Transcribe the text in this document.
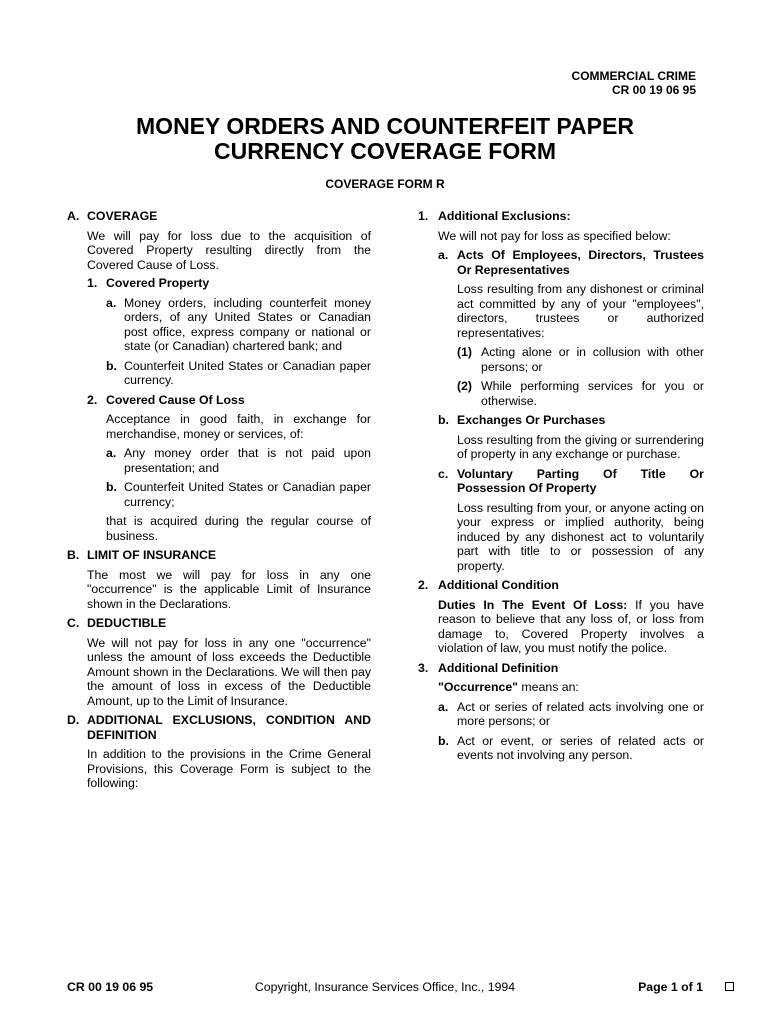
COMMERCIAL CRIME
CR 00 19 06 95
MONEY ORDERS AND COUNTERFEIT PAPER
CURRENCY COVERAGE FORM
COVERAGE FORM R
A. COVERAGE

We will pay for loss due to the acquisition of Covered Property resulting directly from the Covered Cause of Loss.

1. Covered Property
a. Money orders, including counterfeit money orders, of any United States or Canadian post office, express company or national or state (or Canadian) chartered bank; and
b. Counterfeit United States or Canadian paper currency.
2. Covered Cause Of Loss

Acceptance in good faith, in exchange for merchandise, money or services, of:

a. Any money order that is not paid upon presentation; and
b. Counterfeit United States or Canadian paper currency;

that is acquired during the regular course of business.

B. LIMIT OF INSURANCE

The most we will pay for loss in any one "occurrence" is the applicable Limit of Insurance shown in the Declarations.

C. DEDUCTIBLE

We will not pay for loss in any one "occurrence" unless the amount of loss exceeds the Deductible Amount shown in the Declarations. We will then pay the amount of loss in excess of the Deductible Amount, up to the Limit of Insurance.

D. ADDITIONAL EXCLUSIONS, CONDITION AND DEFINITION

In addition to the provisions in the Crime General Provisions, this Coverage Form is subject to the following:

1. Additional Exclusions:

We will not pay for loss as specified below:

a. Acts Of Employees, Directors, Trustees Or Representatives

Loss resulting from any dishonest or criminal act committed by any of your "employees", directors, trustees or authorized representatives:

(1) Acting alone or in collusion with other persons; or
(2) While performing services for you or otherwise.
b. Exchanges Or Purchases

Loss resulting from the giving or surrendering of property in any exchange or purchase.

c. Voluntary Parting Of Title Or
Possession Of Property

Loss resulting from your, or anyone acting on your express or implied authority, being induced by any dishonest act to voluntarily part with title to or possession of any property.

2. Additional Condition

Duties In The Event Of Loss: If you have reason to believe that any loss of, or loss from damage to, Covered Property involves a violation of law, you must notify the police.

3. Additional Definition

"Occurrence" means an:

a. Act or series of related acts involving one or more persons; or
b. Act or event, or series of related acts or events not involving any person.
CR 00 19 06 95	Copyright, Insurance Services Office, Inc., 1994	Page 1 of 1
